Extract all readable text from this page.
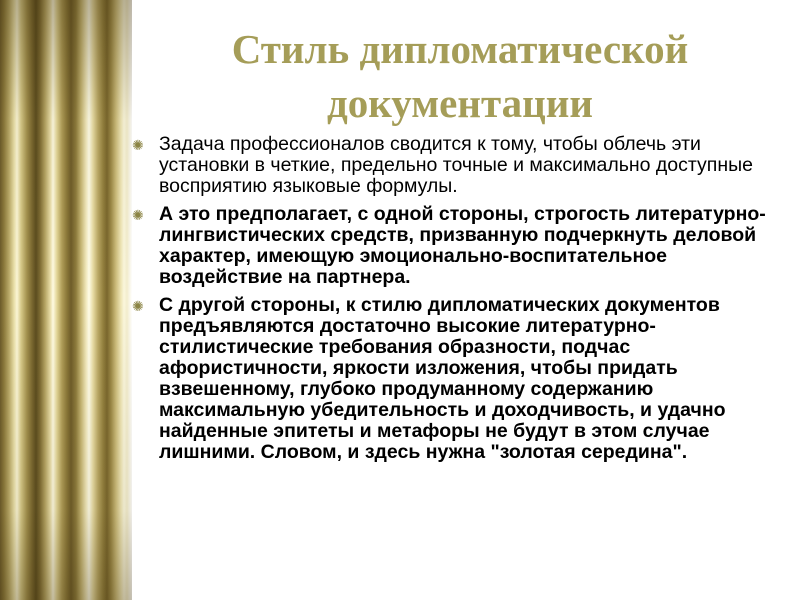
Стиль дипломатической
документации
✺ Задача профессионалов сводится к тому, чтобы облечь эти установки в четкие, предельно точные и максимально доступные восприятию языковые формулы.
✺ А это предполагает, с одной стороны, строгость литературно-лингвистических средств, призванную подчеркнуть деловой характер, имеющую эмоционально-воспитательное воздействие на партнера.
✺ С другой стороны, к стилю дипломатических документов предъявляются достаточно высокие литературно-стилистические требования образности, подчас афористичности, яркости изложения, чтобы придать взвешенному, глубоко продуманному содержанию максимальную убедительность и доходчивость, и удачно найденные эпитеты и метафоры не будут в этом случае лишними. Словом, и здесь нужна "золотая середина".
